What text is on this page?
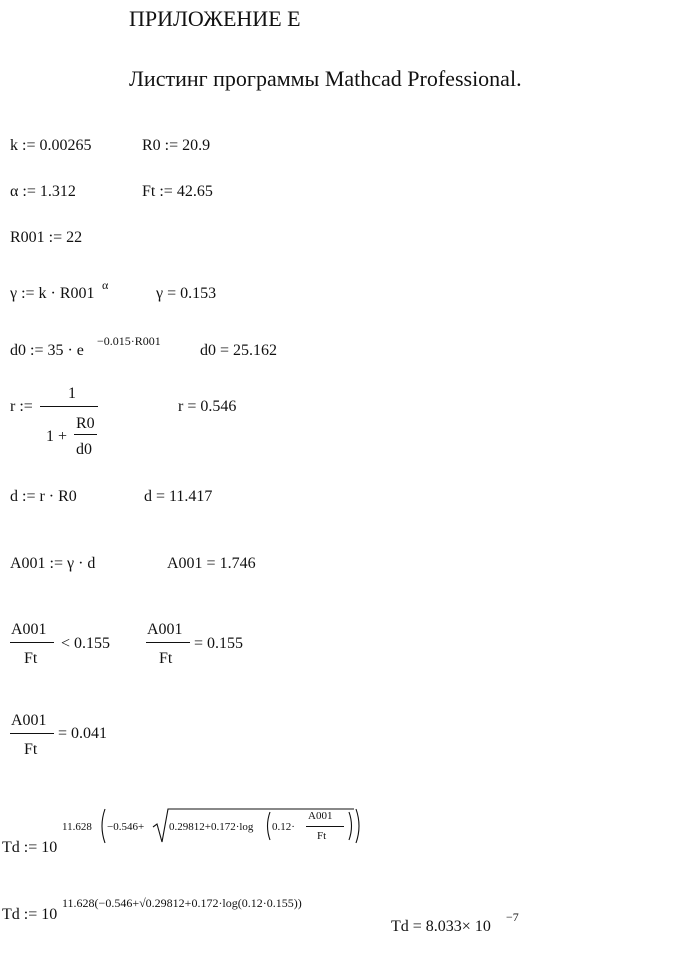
ПРИЛОЖЕНИЕ Е
Листинг программы Mathcad Professional.
k := 0.00265	R0 := 20.9
α := 1.312	Ft := 42.65
R001 := 22
γ := k · R001 α	γ = 0.153
d0 := 35 · e
−0.015·R001
d0 = 25.162
r :=
1
1 +
R0
d0
r = 0.546
d := r · R0	d = 11.417
A001 := γ · d	A001 = 1.746
A001
Ft
< 0.155
A001
Ft
= 0.155
A001
Ft
= 0.041
Td := 10
11.628 −0.546+ 0.29812+0.172·log 0.12·
A001
Ft
Td := 10
11.628(−0.546+√0.29812+0.172·log(0.12·0.155))
Td = 8.033× 10
−7
